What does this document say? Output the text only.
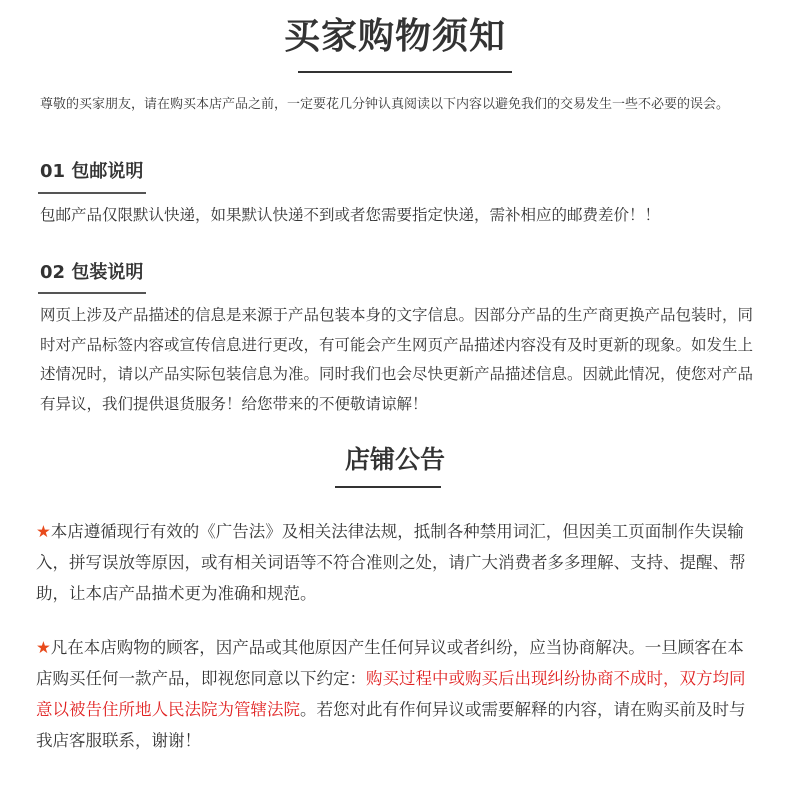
买家购物须知
尊敬的买家朋友，请在购买本店产品之前，一定要花几分钟认真阅读以下内容以避免我们的交易发生一些不必要的误会。
01 包邮说明
包邮产品仅限默认快递，如果默认快递不到或者您需要指定快递，需补相应的邮费差价！！
02 包装说明
网页上涉及产品描述的信息是来源于产品包装本身的文字信息。因部分产品的生产商更换产品包装时，同时对产品标签内容或宣传信息进行更改，有可能会产生网页产品描述内容没有及时更新的现象。如发生上述情况时，请以产品实际包装信息为准。同时我们也会尽快更新产品描述信息。因就此情况，使您对产品有异议，我们提供退货服务！给您带来的不便敬请谅解！
店铺公告
★本店遵循现行有效的《广告法》及相关法律法规，抵制各种禁用词汇，但因美工页面制作失误输入，拼写误放等原因，或有相关词语等不符合准则之处，请广大消费者多多理解、支持、提醒、帮助，让本店产品描术更为准确和规范。
★凡在本店购物的顾客，因产品或其他原因产生任何异议或者纠纷，应当协商解决。一旦顾客在本店购买任何一款产品，即视您同意以下约定：购买过程中或购买后出现纠纷协商不成时，双方均同意以被告住所地人民法院为管辖法院。若您对此有作何异议或需要解释的内容，请在购买前及时与我店客服联系，谢谢！
